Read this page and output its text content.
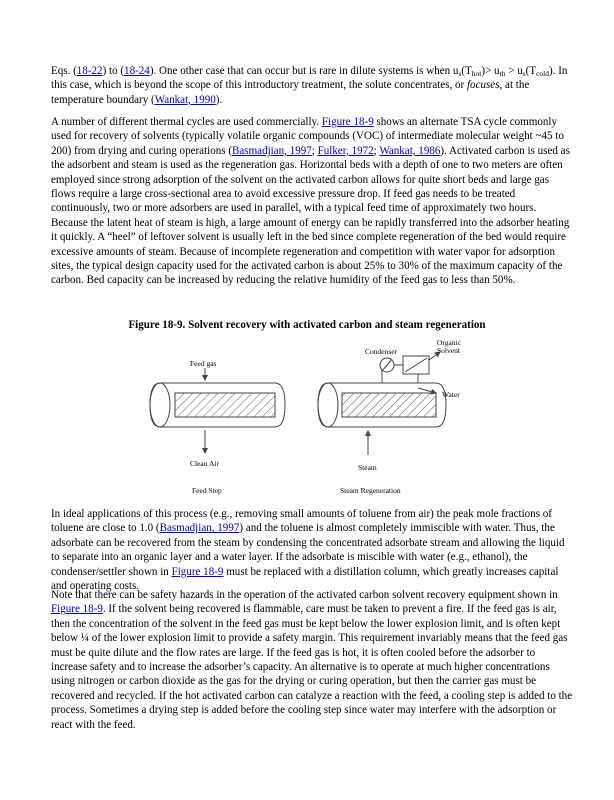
Eqs. (18-22) to (18-24). One other case that can occur but is rare in dilute systems is when $u_s(T_{hot})> u_{th} > u_s(T_{cold})$. In this case, which is beyond the scope of this introductory treatment, the solute concentrates, or focuses, at the temperature boundary (Wankat, 1990).

A number of different thermal cycles are used commercially. Figure 18-9 shows an alternate TSA cycle commonly used for recovery of solvents (typically volatile organic compounds (VOC) of intermediate molecular weight ~45 to 200) from drying and curing operations (Basmadjian, 1997; Fulker, 1972; Wankat, 1986). Activated carbon is used as the adsorbent and steam is used as the regeneration gas. Horizontal beds with a depth of one to two meters are often employed since strong adsorption of the solvent on the activated carbon allows for quite short beds and large gas flows require a large cross-sectional area to avoid excessive pressure drop. If feed gas needs to be treated continuously, two or more adsorbers are used in parallel, with a typical feed time of approximately two hours. Because the latent heat of steam is high, a large amount of energy can be rapidly transferred into the adsorber heating it quickly. A “heel” of leftover solvent is usually left in the bed since complete regeneration of the bed would require excessive amounts of steam. Because of incomplete regeneration and competition with water vapor for adsorption sites, the typical design capacity used for the activated carbon is about 25% to 30% of the maximum capacity of the carbon. Bed capacity can be increased by reducing the relative humidity of the feed gas to less than 50%.

Figure 18-9. Solvent recovery with activated carbon and steam regeneration
Feed gas
Clean Air
Feed Step
Steam
Steam Regeneration
Condenser
Organic
Solvent
Water

In ideal applications of this process (e.g., removing small amounts of toluene from air) the peak mole fractions of toluene are close to 1.0 (Basmadjian, 1997) and the toluene is almost completely immiscible with water. Thus, the adsorbate can be recovered from the steam by condensing the concentrated adsorbate stream and allowing the liquid to separate into an organic layer and a water layer. If the adsorbate is miscible with water (e.g., ethanol), the condenser/settler shown in Figure 18-9 must be replaced with a distillation column, which greatly increases capital and operating costs.

Note that there can be safety hazards in the operation of the activated carbon solvent recovery equipment shown in Figure 18-9. If the solvent being recovered is flammable, care must be taken to prevent a fire. If the feed gas is air, then the concentration of the solvent in the feed gas must be kept below the lower explosion limit, and is often kept below ¼ of the lower explosion limit to provide a safety margin. This requirement invariably means that the feed gas must be quite dilute and the flow rates are large. If the feed gas is hot, it is often cooled before the adsorber to increase safety and to increase the adsorber’s capacity. An alternative is to operate at much higher concentrations using nitrogen or carbon dioxide as the gas for the drying or curing operation, but then the carrier gas must be recovered and recycled. If the hot activated carbon can catalyze a reaction with the feed, a cooling step is added to the process. Sometimes a drying step is added before the cooling step since water may interfere with the adsorption or react with the feed.
